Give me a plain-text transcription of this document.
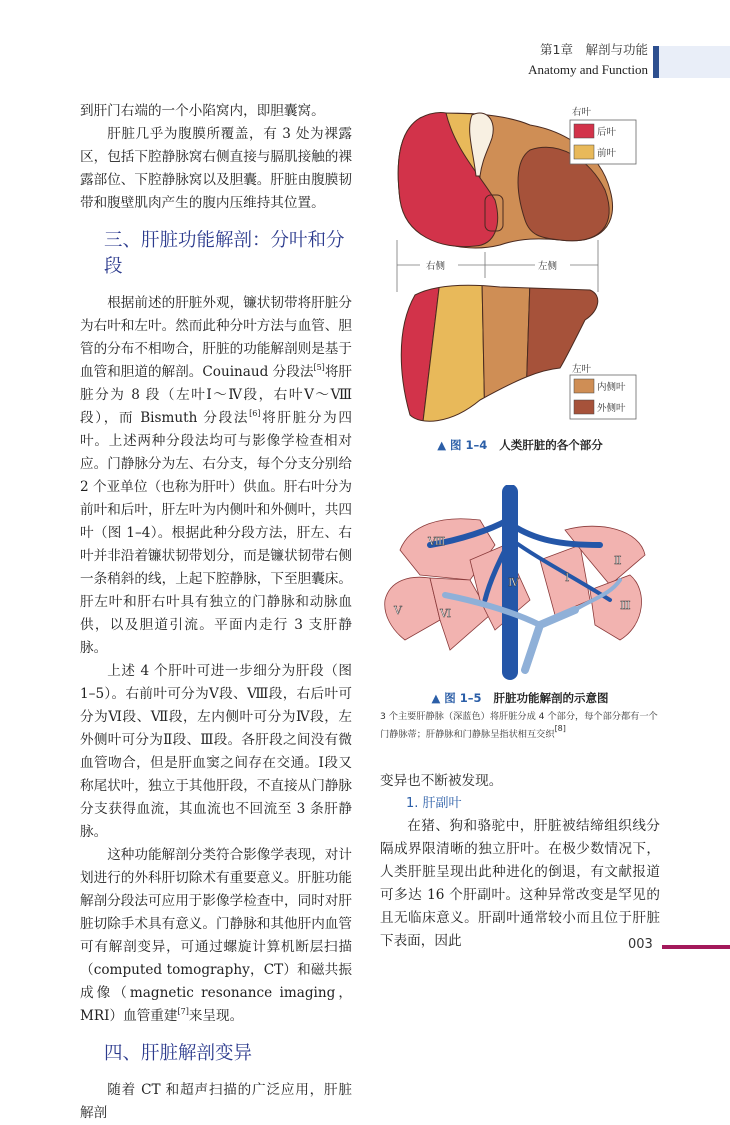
第1章　解剖与功能
Anatomy and Function

到肝门右端的一个小陷窝内，即胆囊窝。

肝脏几乎为腹膜所覆盖，有 3 处为裸露区，包括下腔静脉窝右侧直接与膈肌接触的裸露部位、下腔静脉窝以及胆囊。肝脏由腹膜韧带和腹壁肌肉产生的腹内压维持其位置。

三、肝脏功能解剖：分叶和分段

根据前述的肝脏外观，镰状韧带将肝脏分为右叶和左叶。然而此种分叶方法与血管、胆管的分布不相吻合，肝脏的功能解剖则是基于血管和胆道的解剖。Couinaud 分段法[5]将肝脏分为 8 段（左叶Ⅰ～Ⅳ段，右叶Ⅴ～Ⅷ段），而 Bismuth 分段法[6]将肝脏分为四叶。上述两种分段法均可与影像学检查相对应。门静脉分为左、右分支，每个分支分别给 2 个亚单位（也称为肝叶）供血。肝右叶分为前叶和后叶，肝左叶为内侧叶和外侧叶，共四叶（图 1–4）。根据此种分段方法，肝左、右叶并非沿着镰状韧带划分，而是镰状韧带右侧一条稍斜的线，上起下腔静脉，下至胆囊床。肝左叶和肝右叶具有独立的门静脉和动脉血供，以及胆道引流。平面内走行 3 支肝静脉。

上述 4 个肝叶可进一步细分为肝段（图 1–5）。右前叶可分为Ⅴ段、Ⅷ段，右后叶可分为Ⅵ段、Ⅶ段，左内侧叶可分为Ⅳ段，左外侧叶可分为Ⅱ段、Ⅲ段。各肝段之间没有微血管吻合，但是肝血窦之间存在交通。Ⅰ段又称尾状叶，独立于其他肝段，不直接从门静脉分支获得血流，其血流也不回流至 3 条肝静脉。

这种功能解剖分类符合影像学表现，对计划进行的外科肝切除术有重要意义。肝脏功能解剖分段法可应用于影像学检查中，同时对肝脏切除手术具有意义。门静脉和其他肝内血管可有解剖变异，可通过螺旋计算机断层扫描（computed tomography，CT）和磁共振成像（magnetic resonance imaging，MRI）血管重建[7]来呈现。

四、肝脏解剖变异

随着 CT 和超声扫描的广泛应用，肝脏解剖

右叶
后叶
前叶
右侧	左侧
左叶
内侧叶
外侧叶
▲ 图 1–4 人类肝脏的各个部分
Ⅷ
Ⅳ	Ⅰ
Ⅱ
Ⅲ
Ⅴ	Ⅵ
▲ 图 1–5 肝脏功能解剖的示意图
3 个主要肝静脉（深蓝色）将肝脏分成 4 个部分，每个部分都有一个门静脉蒂；肝静脉和门静脉呈指状相互交织[8]

变异也不断被发现。

1. 肝副叶

在猪、狗和骆驼中，肝脏被结缔组织线分隔成界限清晰的独立肝叶。在极少数情况下，人类肝脏呈现出此种进化的倒退，有文献报道可多达 16 个肝副叶。这种异常改变是罕见的且无临床意义。肝副叶通常较小而且位于肝脏下表面，因此	003
